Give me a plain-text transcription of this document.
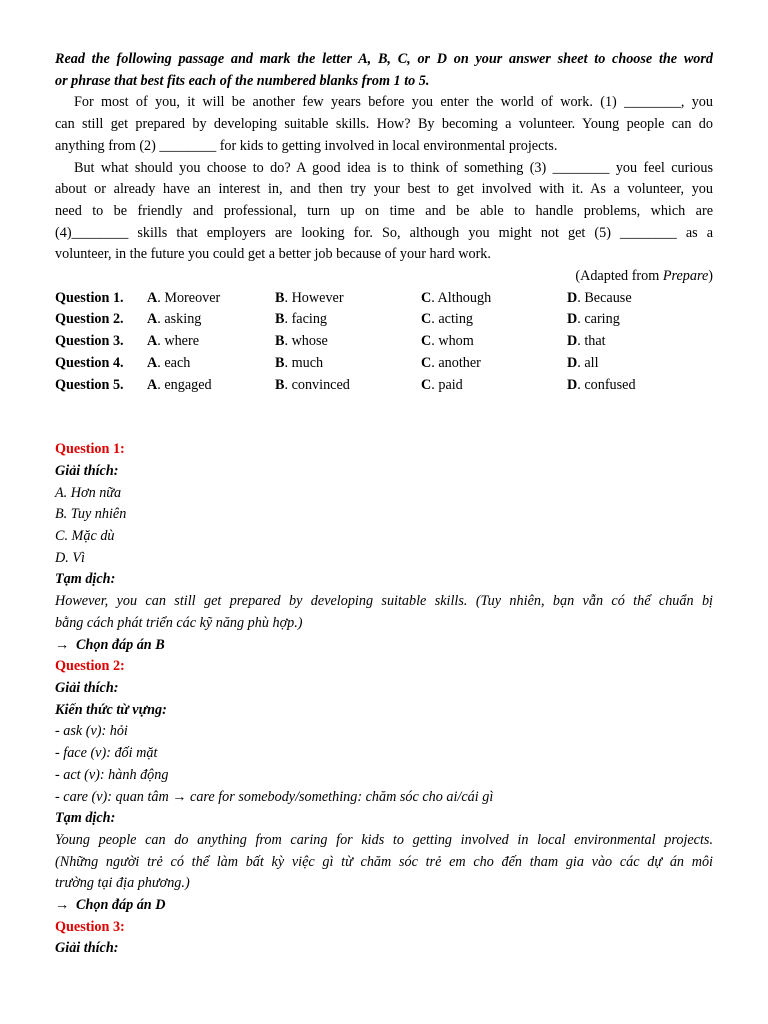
Read the following passage and mark the letter A, B, C, or D on your answer sheet to choose the word

or phrase that best fits each of the numbered blanks from 1 to 5.

For most of you, it will be another few years before you enter the world of work. (1) ________, you

can still get prepared by developing suitable skills. How? By becoming a volunteer. Young people can do

anything from (2) ________ for kids to getting involved in local environmental projects.

But what should you choose to do? A good idea is to think of something (3) ________ you feel curious

about or already have an interest in, and then try your best to get involved with it. As a volunteer, you

need to be friendly and professional, turn up on time and be able to handle problems, which are

(4)________ skills that employers are looking for. So, although you might not get (5) ________ as a

volunteer, in the future you could get a better job because of your hard work.

(Adapted from Prepare)

Question 1.	A. Moreover	B. However	C. Although	D. Because
Question 2.	A. asking	B. facing	C. acting	D. caring
Question 3.	A. where	B. whose	C. whom	D. that
Question 4.	A. each	B. much	C. another	D. all
Question 5.	A. engaged	B. convinced	C. paid	D. confused

Question 1:

Giải thích:

A. Hơn nữa

B. Tuy nhiên

C. Mặc dù

D. Vì

Tạm dịch:

However, you can still get prepared by developing suitable skills. (Tuy nhiên, bạn vẫn có thể chuẩn bị

bằng cách phát triển các kỹ năng phù hợp.)

→ Chọn đáp án B

Question 2:

Giải thích:

Kiến thức từ vựng:

- ask (v): hỏi

- face (v): đối mặt

- act (v): hành động

- care (v): quan tâm → care for somebody/something: chăm sóc cho ai/cái gì

Tạm dịch:

Young people can do anything from caring for kids to getting involved in local environmental projects.

(Những người trẻ có thể làm bất kỳ việc gì từ chăm sóc trẻ em cho đến tham gia vào các dự án môi

trường tại địa phương.)

→ Chọn đáp án D

Question 3:

Giải thích:
